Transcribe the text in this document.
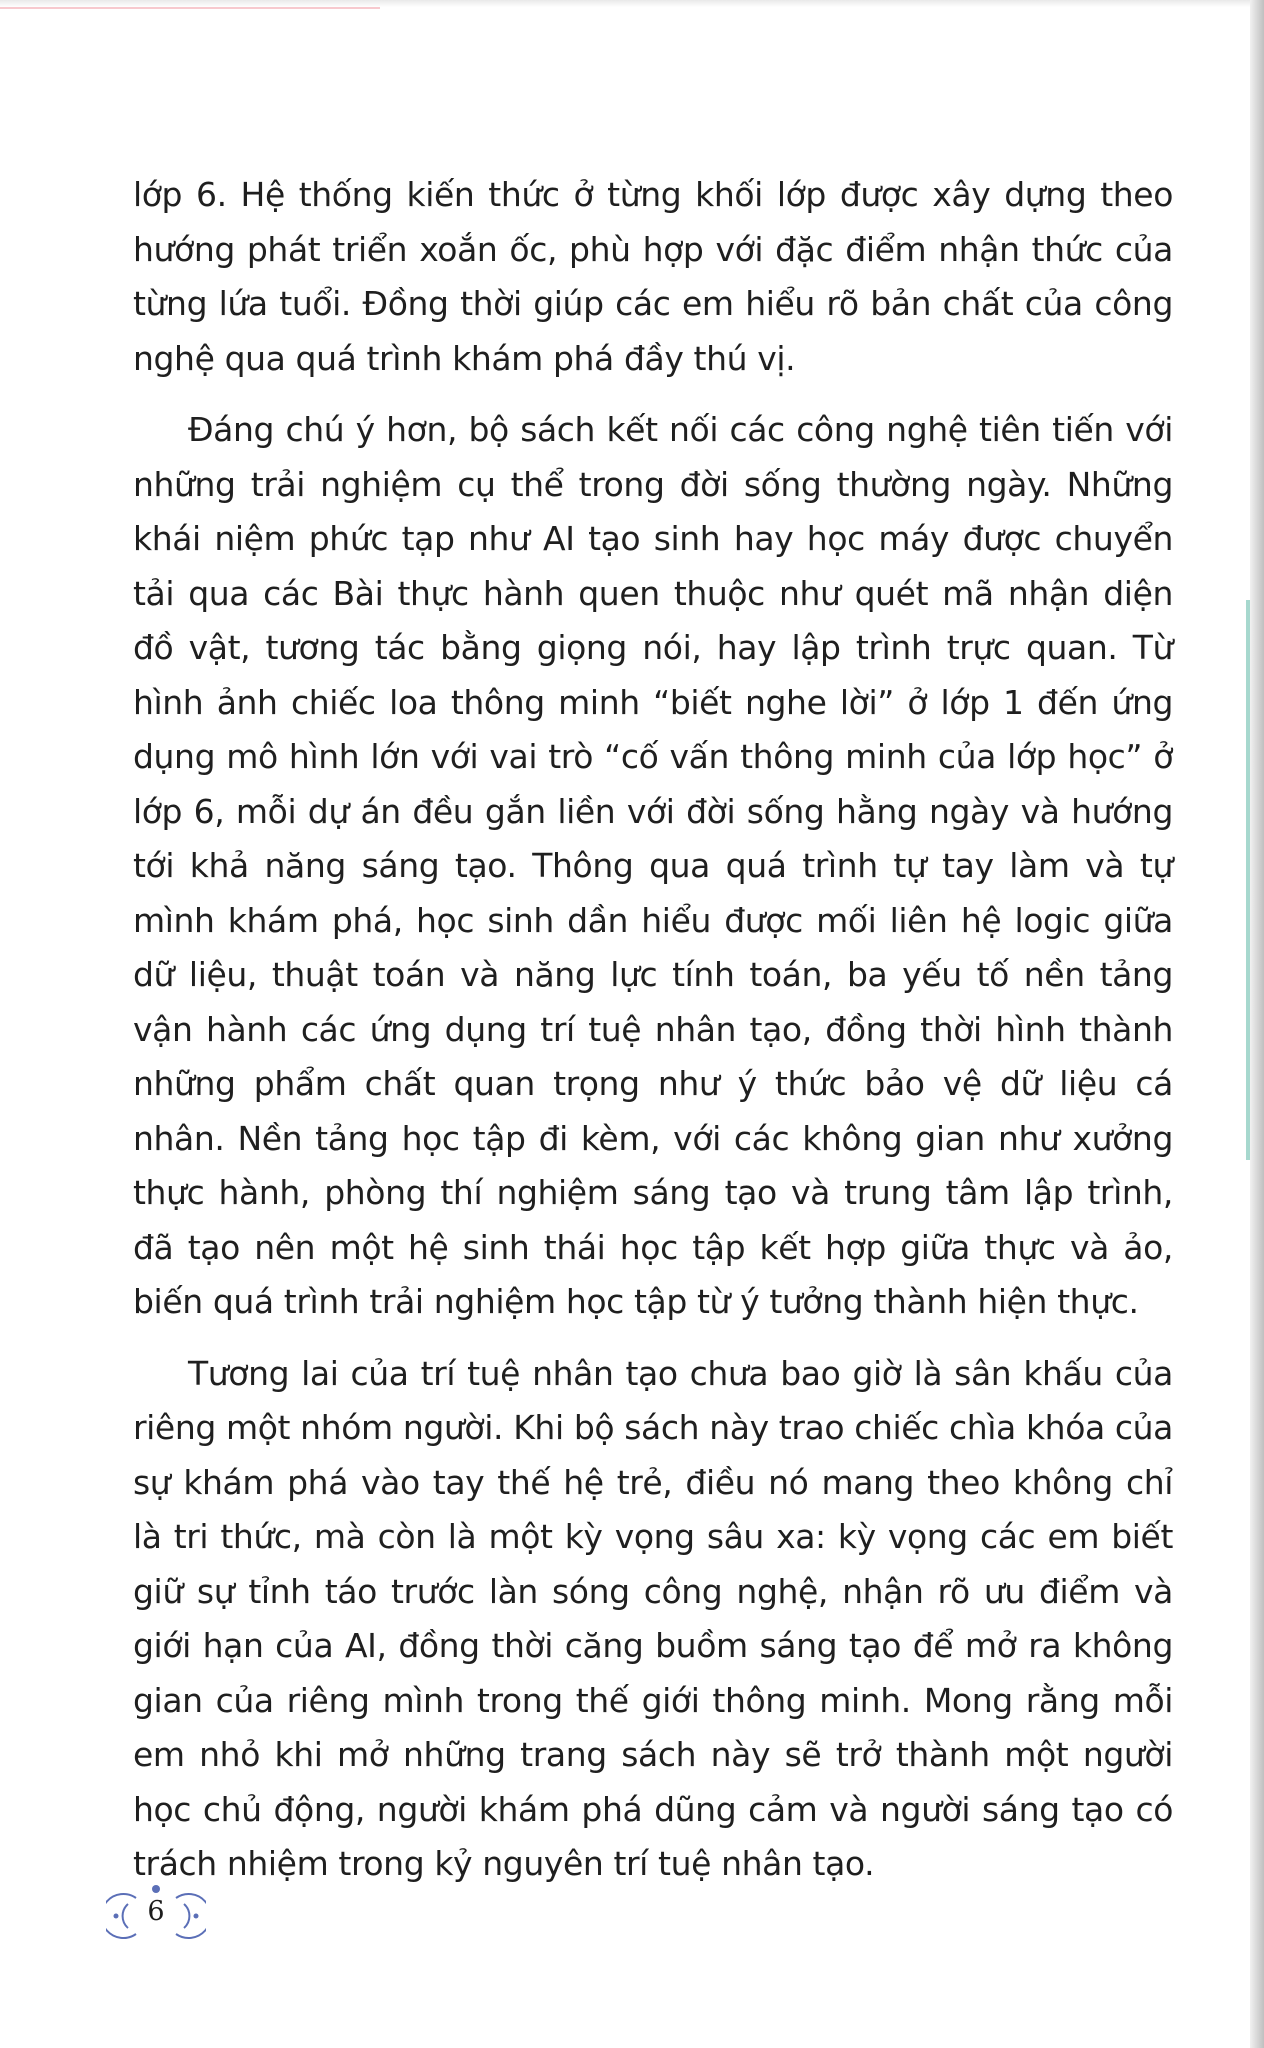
lớp 6. Hệ thống kiến thức ở từng khối lớp được xây dựng theo hướng phát triển xoắn ốc, phù hợp với đặc điểm nhận thức của từng lứa tuổi. Đồng thời giúp các em hiểu rõ bản chất của công nghệ qua quá trình khám phá đầy thú vị.

Đáng chú ý hơn, bộ sách kết nối các công nghệ tiên tiến với những trải nghiệm cụ thể trong đời sống thường ngày. Những khái niệm phức tạp như AI tạo sinh hay học máy được chuyển tải qua các Bài thực hành quen thuộc như quét mã nhận diện đồ vật, tương tác bằng giọng nói, hay lập trình trực quan. Từ hình ảnh chiếc loa thông minh “biết nghe lời” ở lớp 1 đến ứng dụng mô hình lớn với vai trò “cố vấn thông minh của lớp học” ở lớp 6, mỗi dự án đều gắn liền với đời sống hằng ngày và hướng tới khả năng sáng tạo. Thông qua quá trình tự tay làm và tự mình khám phá, học sinh dần hiểu được mối liên hệ logic giữa dữ liệu, thuật toán và năng lực tính toán, ba yếu tố nền tảng vận hành các ứng dụng trí tuệ nhân tạo, đồng thời hình thành những phẩm chất quan trọng như ý thức bảo vệ dữ liệu cá nhân. Nền tảng học tập đi kèm, với các không gian như xưởng thực hành, phòng thí nghiệm sáng tạo và trung tâm lập trình, đã tạo nên một hệ sinh thái học tập kết hợp giữa thực và ảo, biến quá trình trải nghiệm học tập từ ý tưởng thành hiện thực.

Tương lai của trí tuệ nhân tạo chưa bao giờ là sân khấu của riêng một nhóm người. Khi bộ sách này trao chiếc chìa khóa của sự khám phá vào tay thế hệ trẻ, điều nó mang theo không chỉ là tri thức, mà còn là một kỳ vọng sâu xa: kỳ vọng các em biết giữ sự tỉnh táo trước làn sóng công nghệ, nhận rõ ưu điểm và giới hạn của AI, đồng thời căng buồm sáng tạo để mở ra không gian của riêng mình trong thế giới thông minh. Mong rằng mỗi em nhỏ khi mở những trang sách này sẽ trở thành một người học chủ động, người khám phá dũng cảm và người sáng tạo có trách nhiệm trong kỷ nguyên trí tuệ nhân tạo.

6
